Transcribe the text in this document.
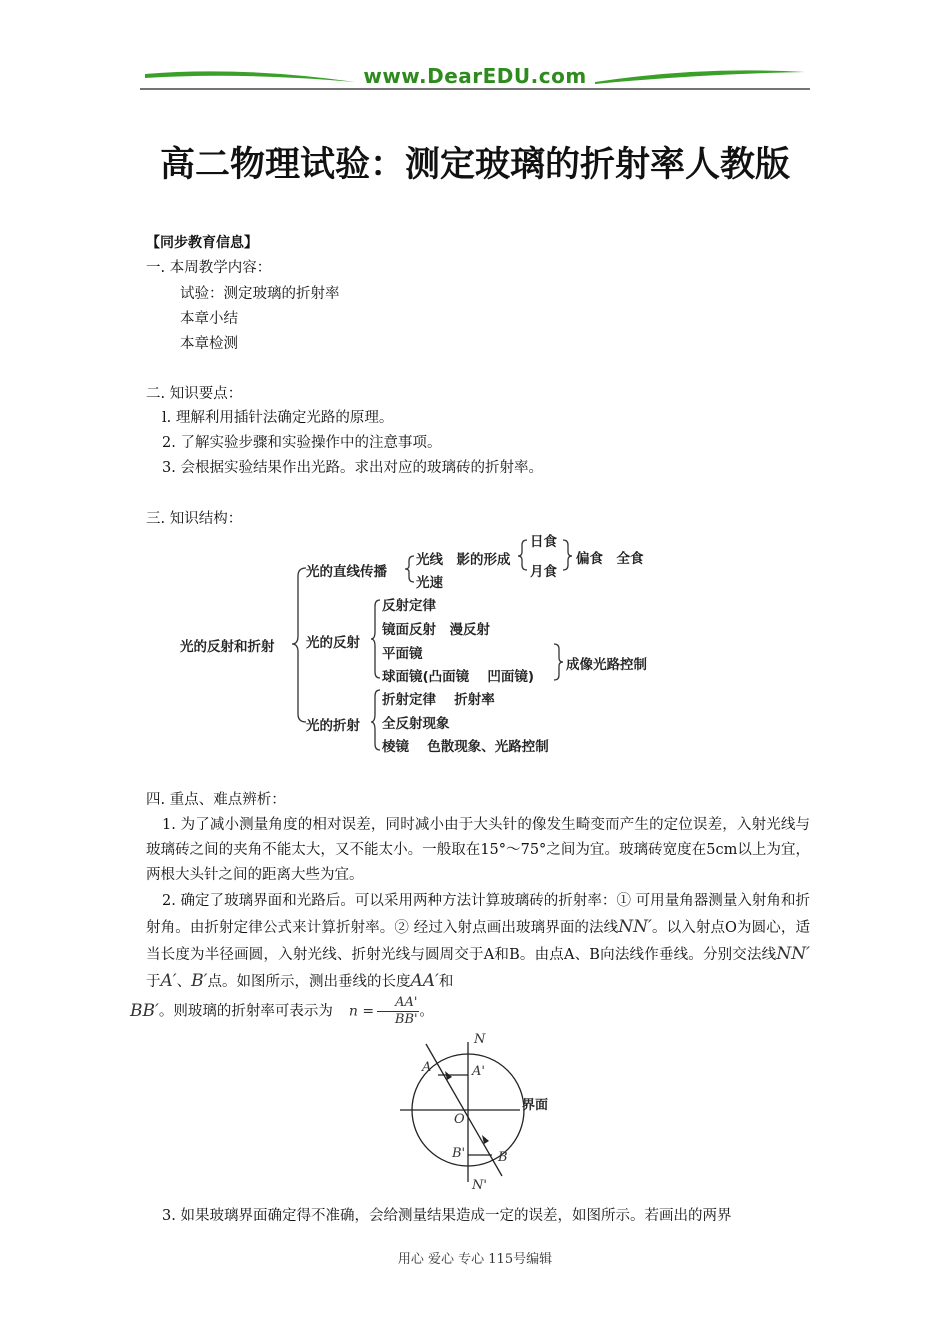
www.DearEDU.com
高二物理试验：测定玻璃的折射率人教版
【同步教育信息】
一. 本周教学内容：
试验：测定玻璃的折射率
本章小结
本章检测
二. 知识要点：
l. 理解利用插针法确定光路的原理。
2. 了解实验步骤和实验操作中的注意事项。
3. 会根据实验结果作出光路。求出对应的玻璃砖的折射率。
三. 知识结构：
光的反射和折射
光的直线传播
光线　影的形成
日食
月食
偏食　全食
光速
光的反射
反射定律
镜面反射　漫反射
平面镜
球面镜(凸面镜　 凹面镜)
成像光路控制
光的折射
折射定律　 折射率
全反射现象
棱镜　 色散现象、光路控制
四. 重点、难点辨析：
1. 为了减小测量角度的相对误差，同时减小由于大头针的像发生畸变而产生的定位误差，入射光线与玻璃砖之间的夹角不能太大，又不能太小。一般取在15°～75°之间为宜。玻璃砖宽度在5cm以上为宜，两根大头针之间的距离大些为宜。
2. 确定了玻璃界面和光路后。可以采用两种方法计算玻璃砖的折射率：① 可用量角器测量入射角和折射角。由折射定律公式来计算折射率。② 经过入射点画出玻璃界面的法线NN′。以入射点O为圆心，适当长度为半径画圆，入射光线、折射光线与圆周交于A和B。由点A、B向法线作垂线。分别交法线NN′于A′、B′点。如图所示，测出垂线的长度AA′和
BB′。则玻璃的折射率可表示为 $n = \frac{AA'}{BB'}$ 。
N
A'
A
O
B'	B
N'
界面
3. 如果玻璃界面确定得不准确，会给测量结果造成一定的误差，如图所示。若画出的两界
用心 爱心 专心 115号编辑
